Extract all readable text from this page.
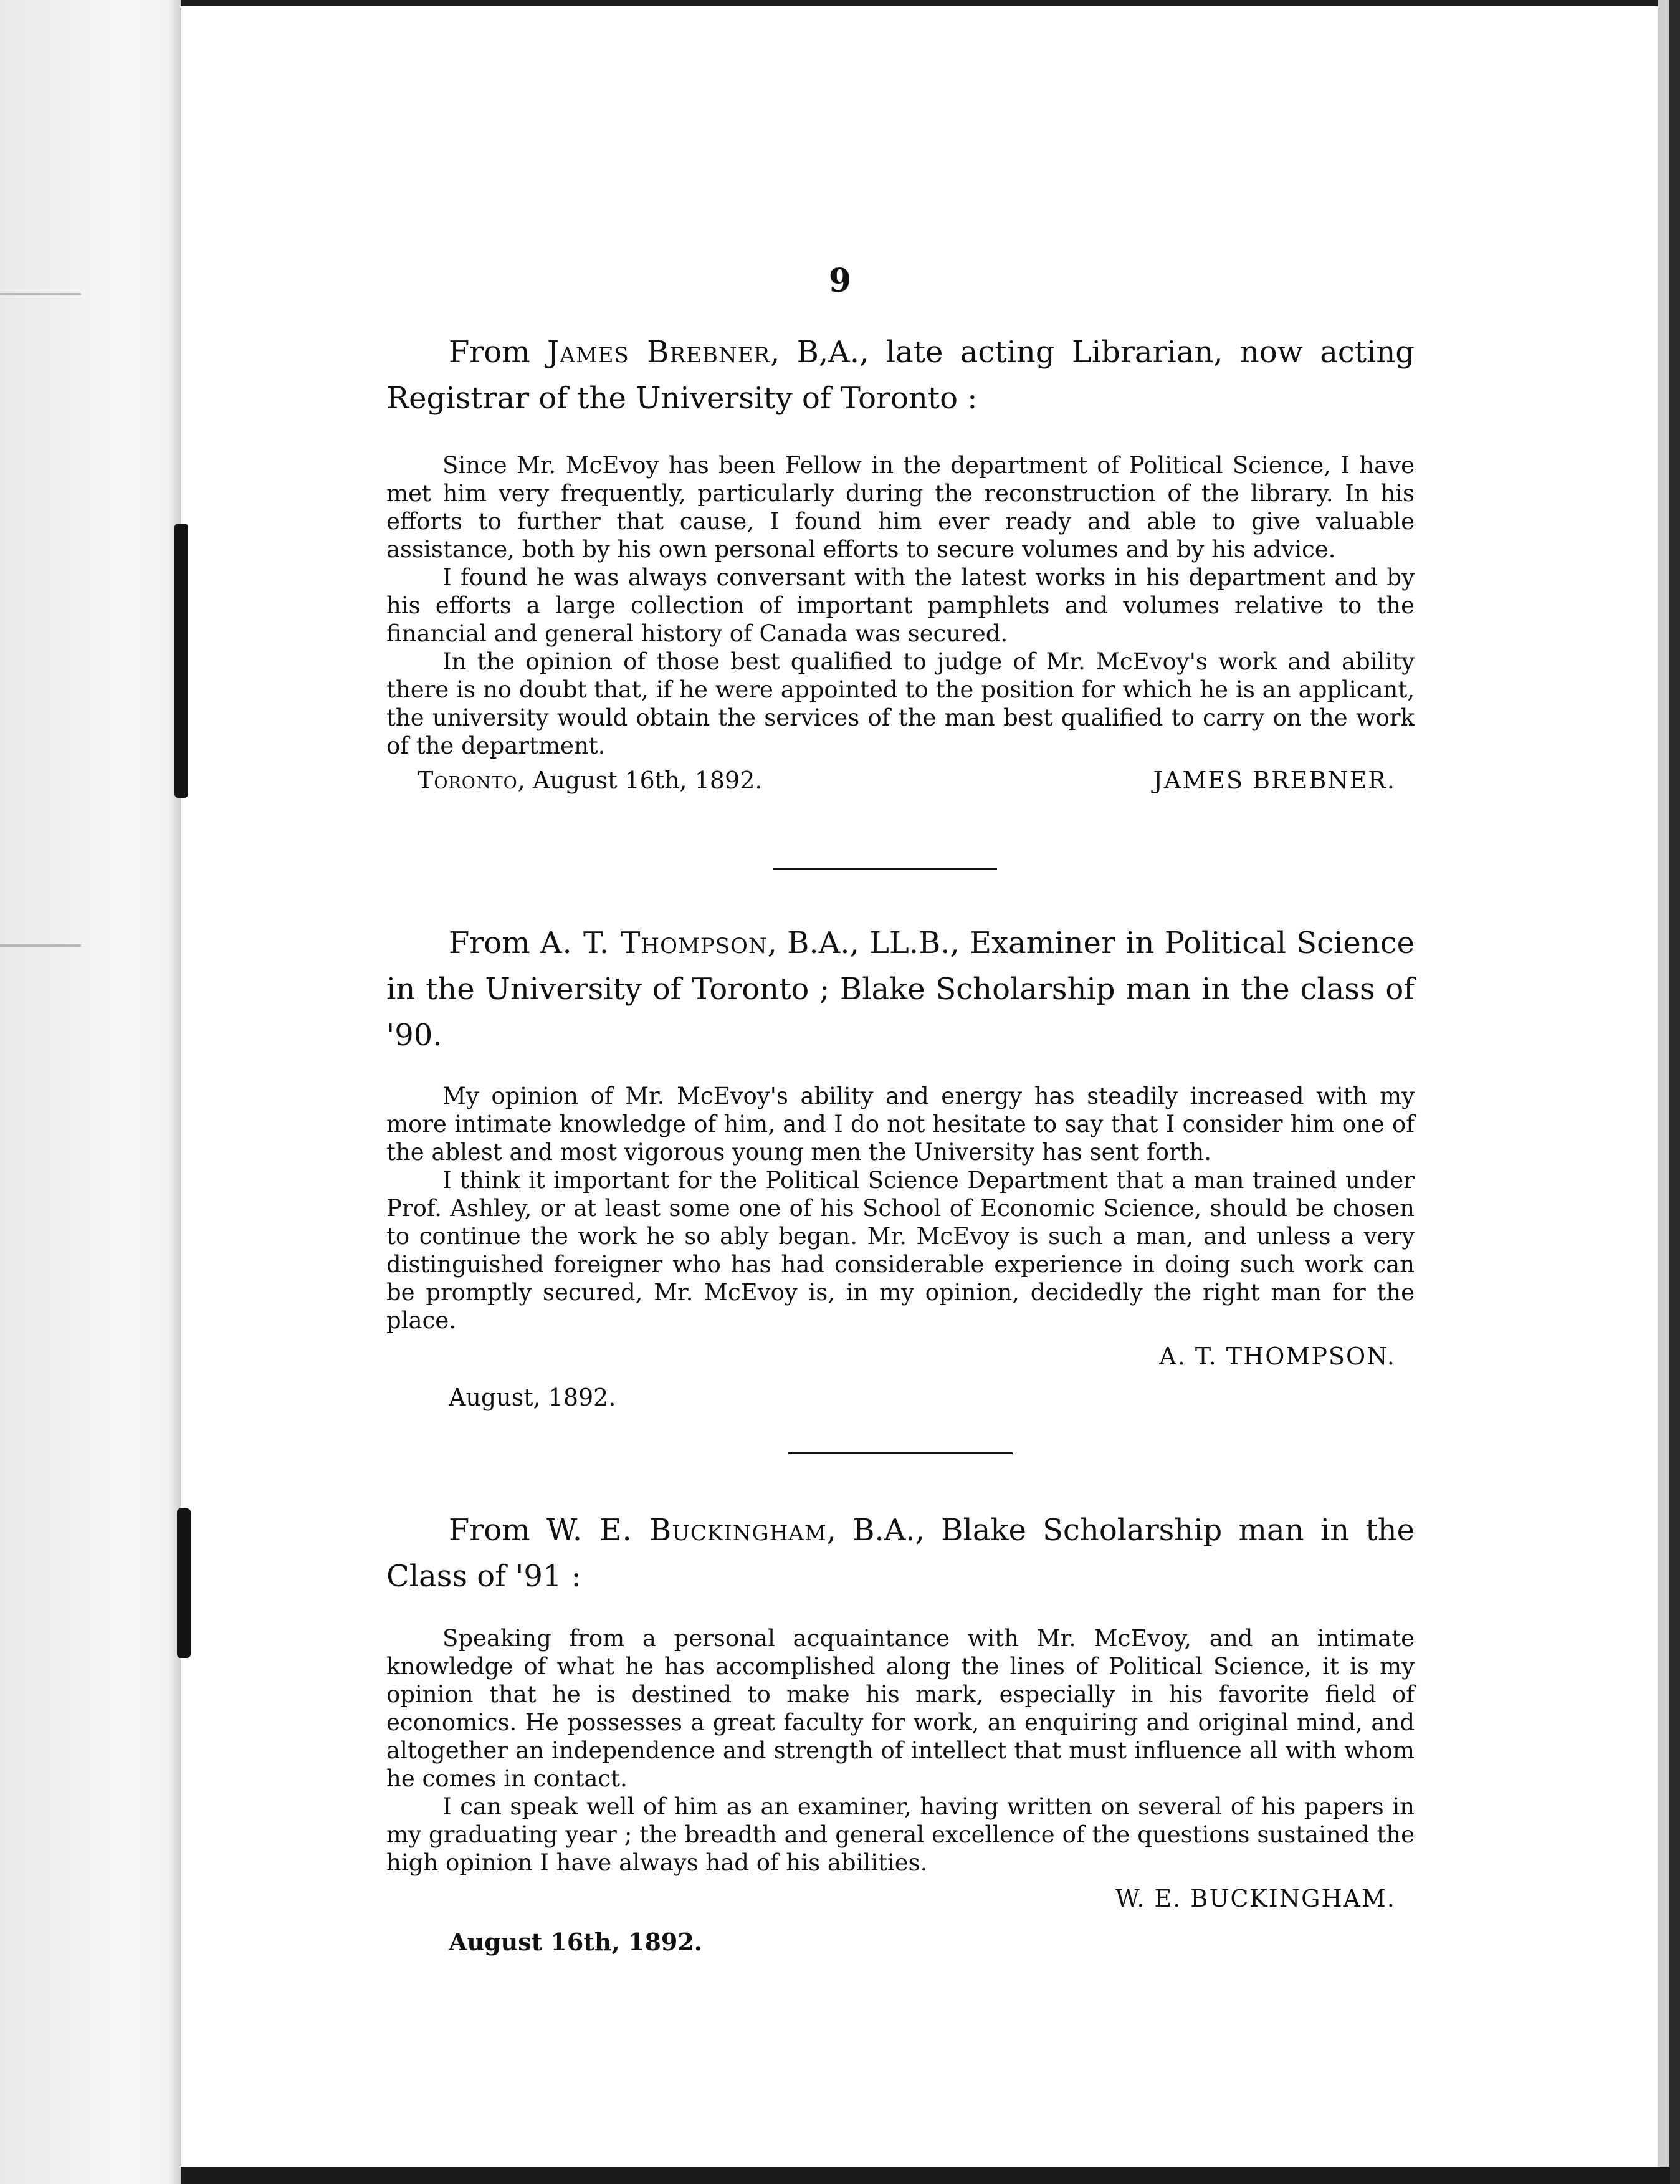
9

From James Brebner, B,A., late acting Librarian, now acting Registrar of the University of Toronto :

Since Mr. McEvoy has been Fellow in the department of Political Science, I have met him very frequently, particularly during the reconstruction of the library. In his efforts to further that cause, I found him ever ready and able to give valuable assistance, both by his own personal efforts to secure volumes and by his advice.

I found he was always conversant with the latest works in his department and by his efforts a large collection of important pamphlets and volumes relative to the financial and general history of Canada was secured.

In the opinion of those best qualified to judge of Mr. McEvoy's work and ability there is no doubt that, if he were appointed to the position for which he is an applicant, the university would obtain the services of the man best qualified to carry on the work of the department.

Toronto, August 16th, 1892.	JAMES BREBNER.

From A. T. Thompson, B.A., LL.B., Examiner in Political Science in the University of Toronto ; Blake Scholarship man in the class of '90.

My opinion of Mr. McEvoy's ability and energy has steadily increased with my more intimate knowledge of him, and I do not hesitate to say that I consider him one of the ablest and most vigorous young men the University has sent forth.

I think it important for the Political Science Department that a man trained under Prof. Ashley, or at least some one of his School of Economic Science, should be chosen to continue the work he so ably began. Mr. McEvoy is such a man, and unless a very distinguished foreigner who has had considerable experience in doing such work can be promptly secured, Mr. McEvoy is, in my opinion, decidedly the right man for the place.

A. T. THOMPSON.

August, 1892.

From W. E. Buckingham, B.A., Blake Scholarship man in the Class of '91 :

Speaking from a personal acquaintance with Mr. McEvoy, and an intimate knowledge of what he has accomplished along the lines of Political Science, it is my opinion that he is destined to make his mark, especially in his favorite field of economics. He possesses a great faculty for work, an enquiring and original mind, and altogether an independence and strength of intellect that must influence all with whom he comes in contact.

I can speak well of him as an examiner, having written on several of his papers in my graduating year ; the breadth and general excellence of the questions sustained the high opinion I have always had of his abilities.

W. E. BUCKINGHAM.

August 16th, 1892.
